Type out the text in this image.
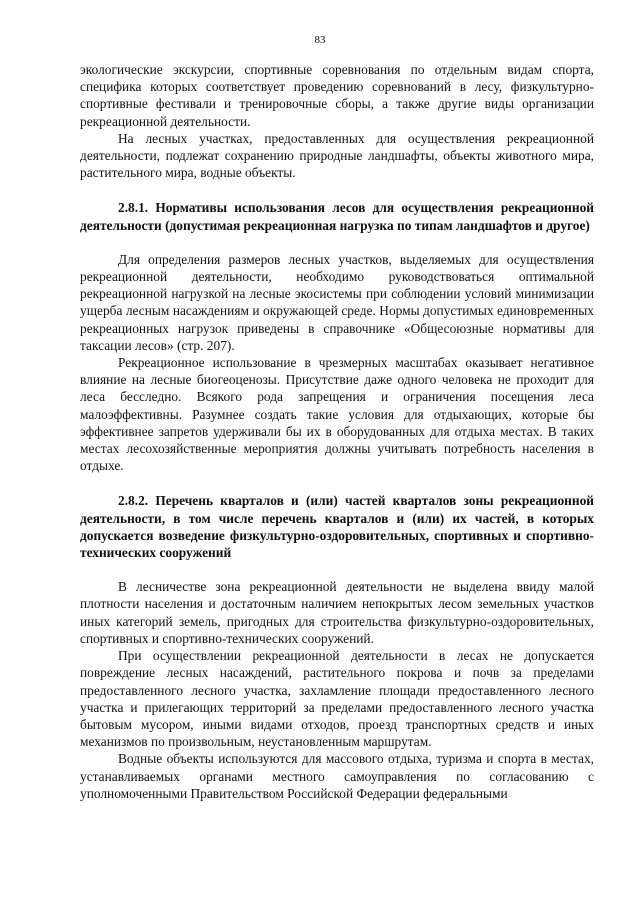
83

экологические экскурсии, спортивные соревнования по отдельным видам спорта, специфика которых соответствует проведению соревнований в лесу, физкультурно-спортивные фестивали и тренировочные сборы, а также другие виды организации рекреационной деятельности.

На лесных участках, предоставленных для осуществления рекреационной деятельности, подлежат сохранению природные ландшафты, объекты животного мира, растительного мира, водные объекты.

2.8.1. Нормативы использования лесов для осуществления рекреационной деятельности (допустимая рекреационная нагрузка по типам ландшафтов и другое)

Для определения размеров лесных участков, выделяемых для осуществления рекреационной деятельности, необходимо руководствоваться оптимальной рекреационной нагрузкой на лесные экосистемы при соблюдении условий минимизации ущерба лесным насаждениям и окружающей среде. Нормы допустимых единовременных рекреационных нагрузок приведены в справочнике «Общесоюзные нормативы для таксации лесов» (стр. 207).

Рекреационное использование в чрезмерных масштабах оказывает негативное влияние на лесные биогеоценозы. Присутствие даже одного человека не проходит для леса бесследно. Всякого рода запрещения и ограничения посещения леса малоэффективны. Разумнее создать такие условия для отдыхающих, которые бы эффективнее запретов удерживали бы их в оборудованных для отдыха местах. В таких местах лесохозяйственные мероприятия должны учитывать потребность населения в отдыхе.

2.8.2. Перечень кварталов и (или) частей кварталов зоны рекреационной деятельности, в том числе перечень кварталов и (или) их частей, в которых допускается возведение физкультурно-оздоровительных, спортивных и спортивно-технических сооружений

В лесничестве зона рекреационной деятельности не выделена ввиду малой плотности населения и достаточным наличием непокрытых лесом земельных участков иных категорий земель, пригодных для строительства физкультурно-оздоровительных, спортивных и спортивно-технических сооружений.

При осуществлении рекреационной деятельности в лесах не допускается повреждение лесных насаждений, растительного покрова и почв за пределами предоставленного лесного участка, захламление площади предоставленного лесного участка и прилегающих территорий за пределами предоставленного лесного участка бытовым мусором, иными видами отходов, проезд транспортных средств и иных механизмов по произвольным, неустановленным маршрутам.

Водные объекты используются для массового отдыха, туризма и спорта в местах, устанавливаемых органами местного самоуправления по согласованию с уполномоченными Правительством Российской Федерации федеральными
